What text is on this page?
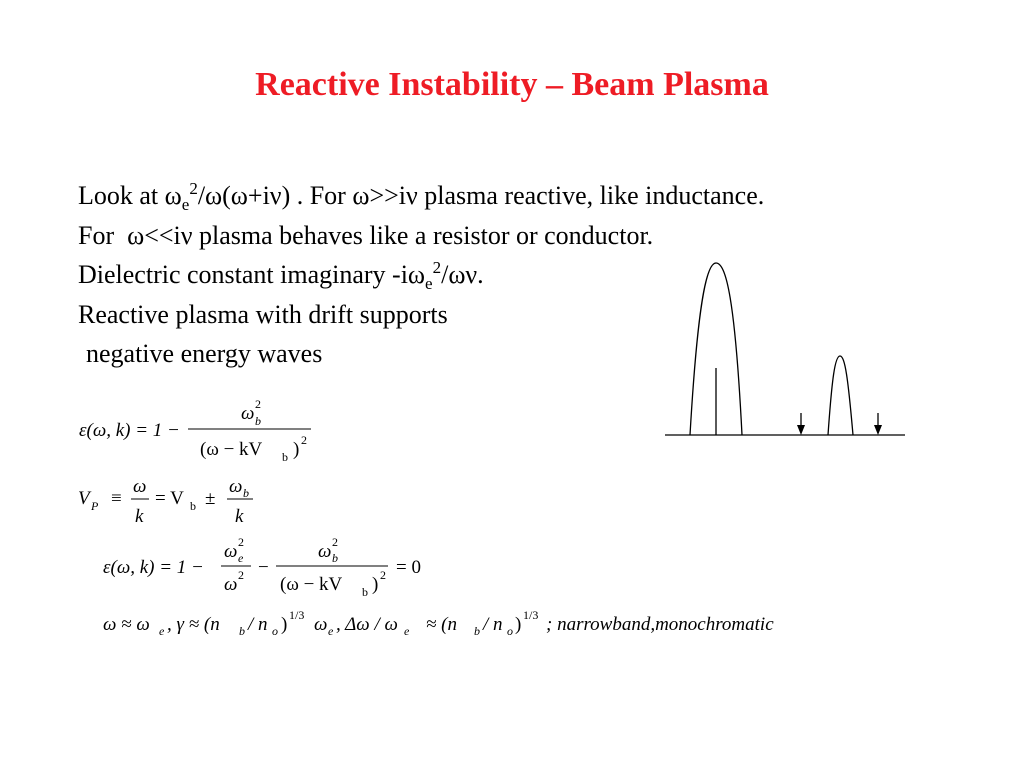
Reactive Instability – Beam Plasma
Look at $\omega_e^2/\omega(\omega+i\nu)$ . For ω>>iν plasma reactive, like inductance.
For  ω<<iν plasma behaves like a resistor or conductor.
Dielectric constant imaginary $-i\omega_e^2/\omega\nu$.
Reactive plasma with drift supports
negative energy waves
ε(ω, k) = 1 −
ω b
2
(ω − kV b ) 2
V P ≡
ω
k
= V b ±
ω b
k
ε(ω, k) = 1 −
ω e
2
ω 2 −
ω b
2
(ω − kV b ) 2 = 0
ω ≈ ω e , γ ≈ (n b / n o ) 1/3 ω e , Δω / ω e ≈ (n b / n o ) 1/3 ; narrowband,monochromatic
